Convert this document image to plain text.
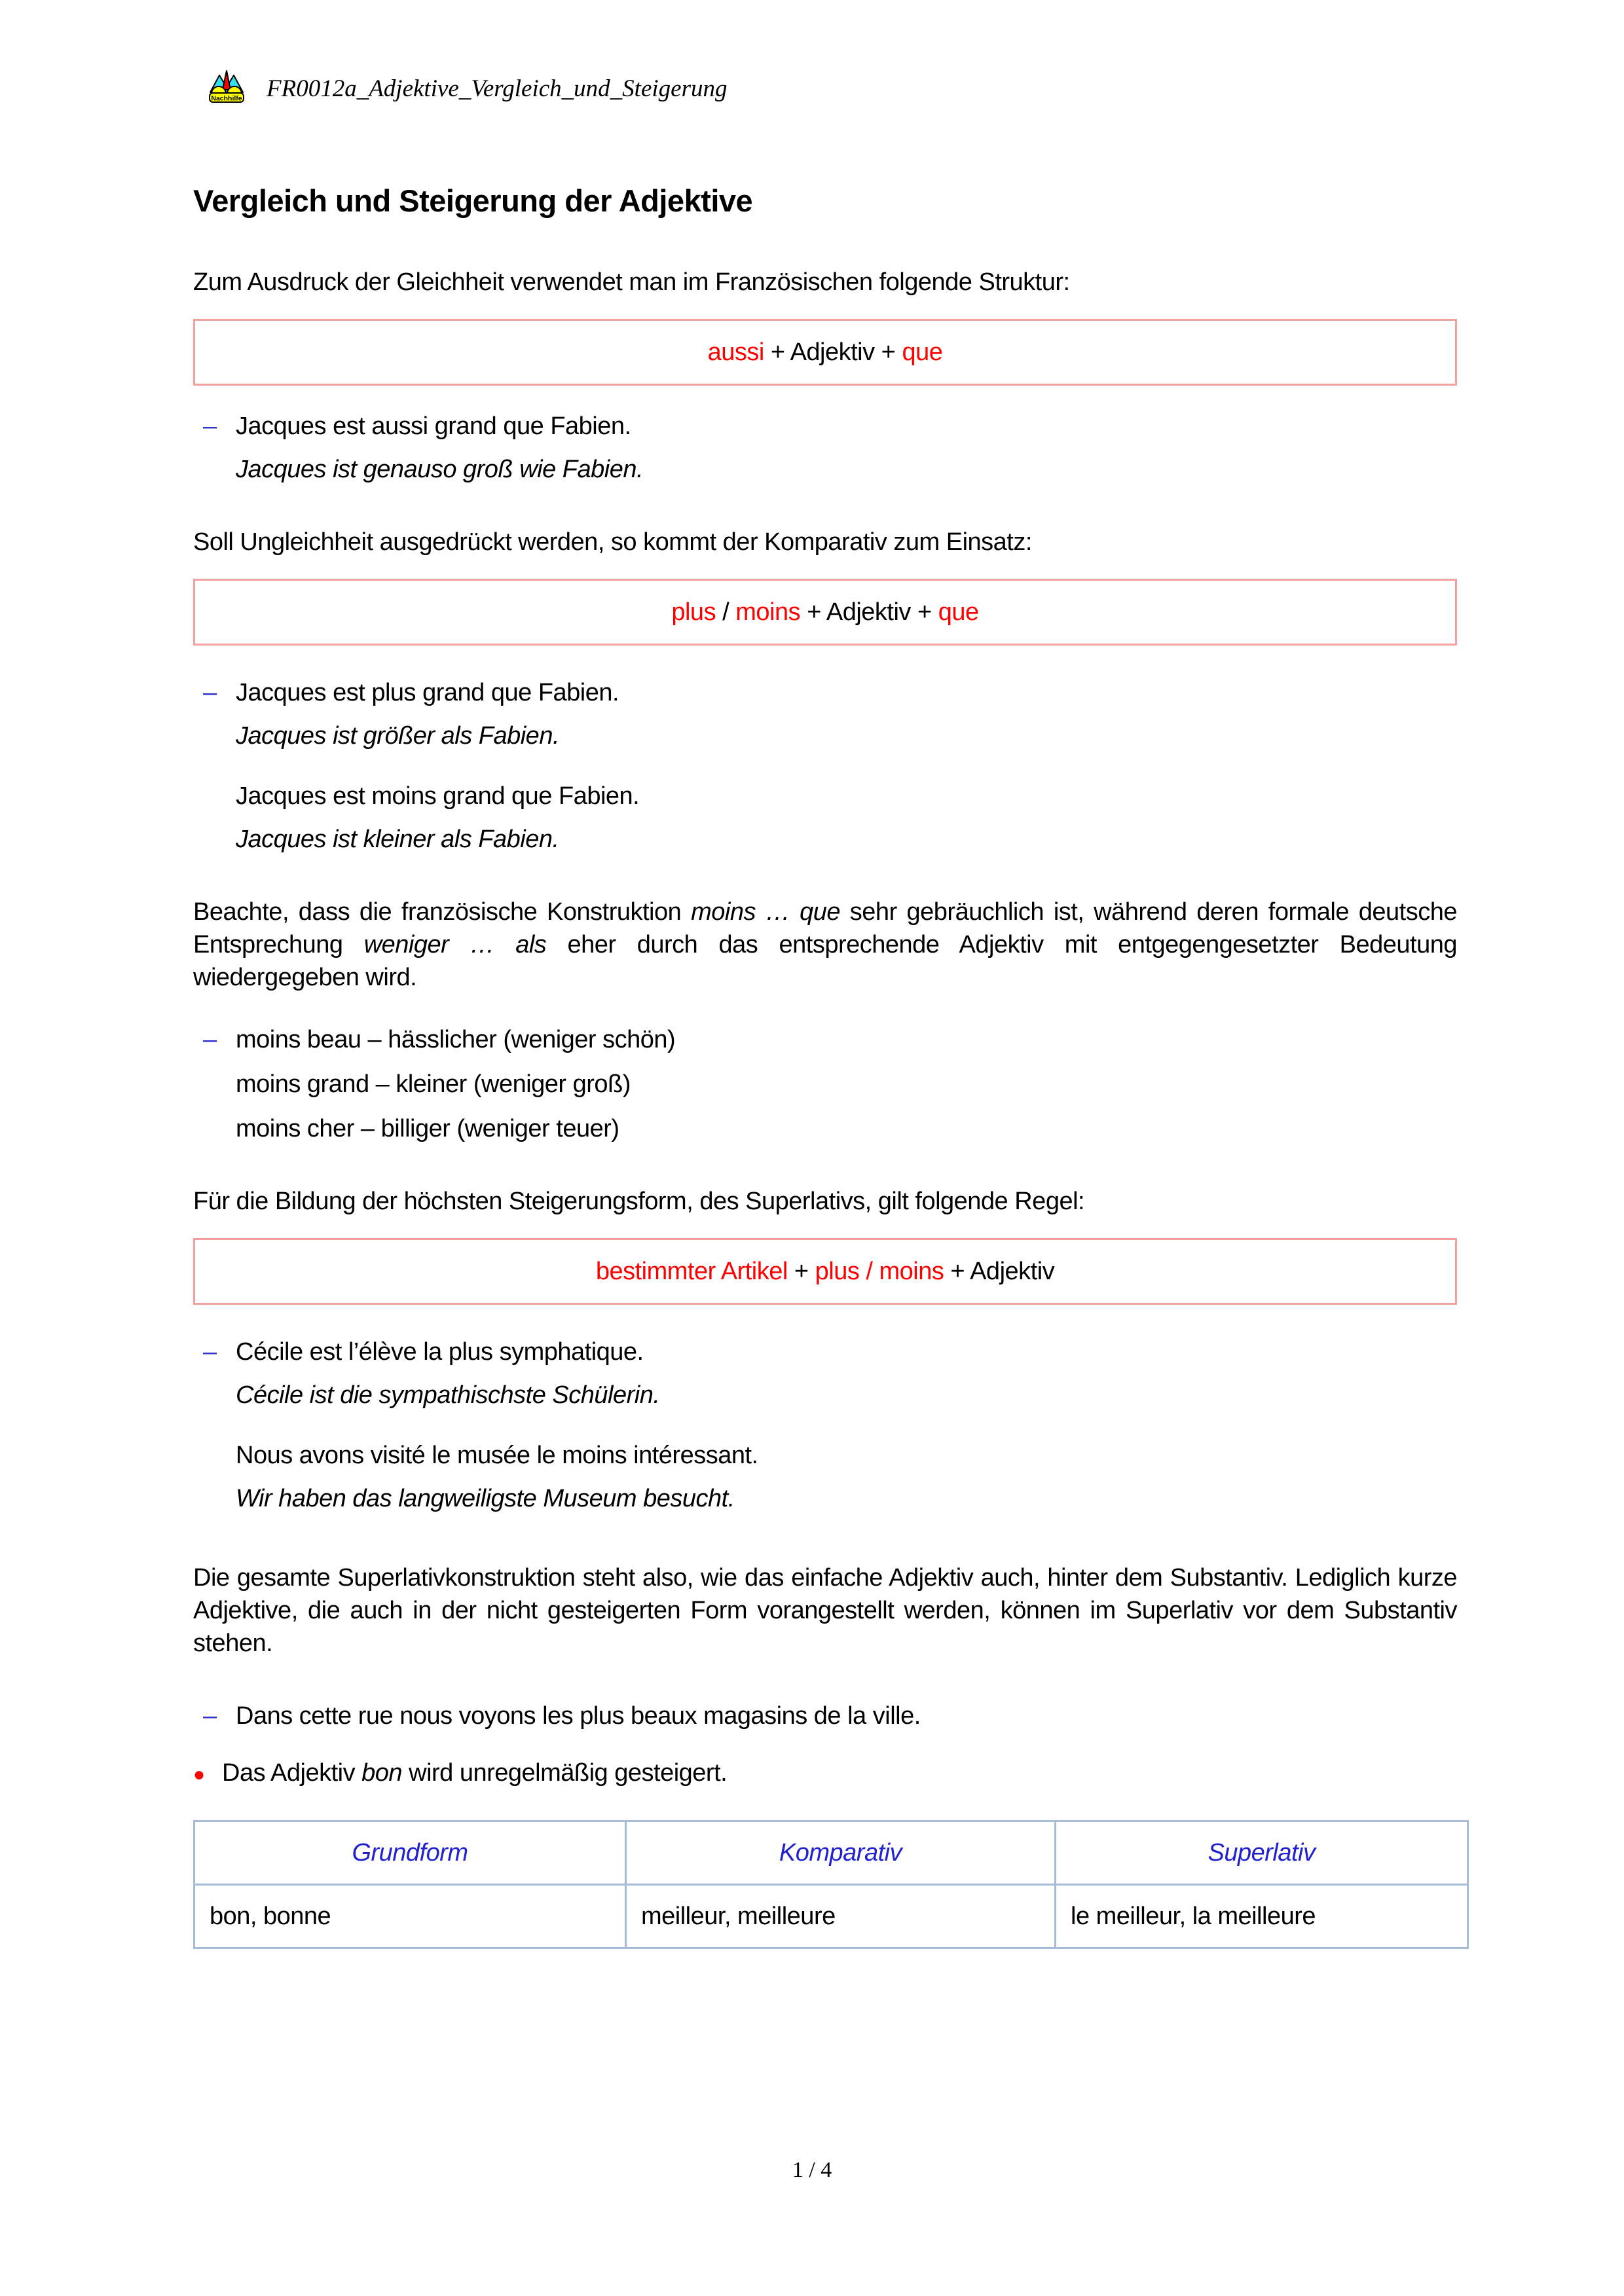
Nachhilfe FR0012a_Adjektive_Vergleich_und_Steigerung
Vergleich und Steigerung der Adjektive

Zum Ausdruck der Gleichheit verwendet man im Französischen folgende Struktur:

aussi + Adjektiv + que

– Jacques est aussi grand que Fabien.

Jacques ist genauso groß wie Fabien.

Soll Ungleichheit ausgedrückt werden, so kommt der Komparativ zum Einsatz:

plus / moins + Adjektiv + que

– Jacques est plus grand que Fabien.

Jacques ist größer als Fabien.

Jacques est moins grand que Fabien.

Jacques ist kleiner als Fabien.

Beachte, dass die französische Konstruktion moins … que sehr gebräuchlich ist, während deren formale deutsche Entsprechung weniger … als eher durch das entsprechende Adjektiv mit entgegengesetzter Bedeutung wiedergegeben wird.

– moins beau – hässlicher (weniger schön)

moins grand – kleiner (weniger groß)

moins cher – billiger (weniger teuer)

Für die Bildung der höchsten Steigerungsform, des Superlativs, gilt folgende Regel:

bestimmter Artikel + plus / moins + Adjektiv

– Cécile est l’élève la plus symphatique.

Cécile ist die sympathischste Schülerin.

Nous avons visité le musée le moins intéressant.

Wir haben das langweiligste Museum besucht.

Die gesamte Superlativkonstruktion steht also, wie das einfache Adjektiv auch, hinter dem Substantiv. Lediglich kurze Adjektive, die auch in der nicht gesteigerten Form vorangestellt werden, können im Superlativ vor dem Substantiv stehen.

– Dans cette rue nous voyons les plus beaux magasins de la ville.

● Das Adjektiv bon wird unregelmäßig gesteigert.

Grundform	Komparativ	Superlativ
bon, bonne	meilleur, meilleure	le meilleur, la meilleure
1 / 4
